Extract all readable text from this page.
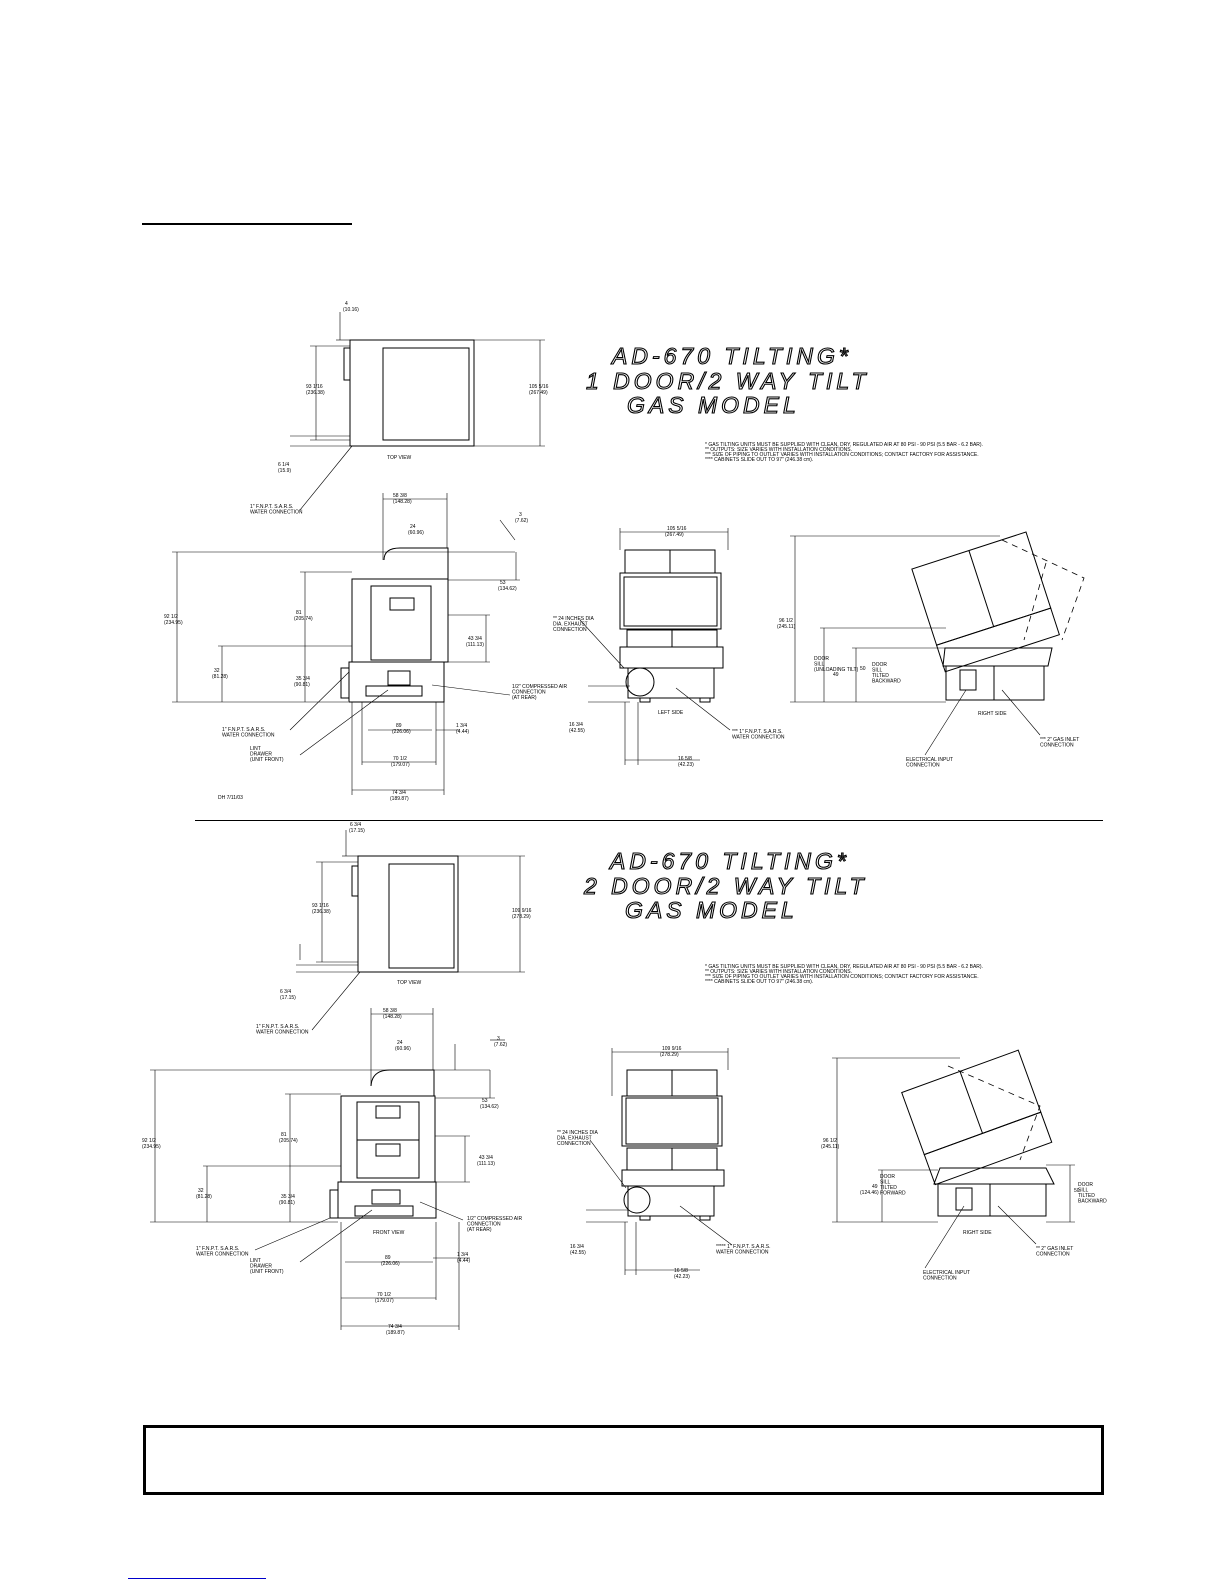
AD-670 TILTING*
1 DOOR/2 WAY TILT
GAS MODEL
* GAS TILTING UNITS MUST BE SUPPLIED WITH CLEAN, DRY, REGULATED AIR AT 80 PSI - 90 PSI (5.5 BAR - 6.2 BAR).
** OUTPUTS: SIZE VARIES WITH INSTALLATION CONDITIONS.
*** SIZE OF PIPING TO OUTLET VARIES WITH INSTALLATION CONDITIONS; CONTACT FACTORY FOR ASSISTANCE.
**** CABINETS SLIDE OUT TO 97" (246.38 cm).
4
(10.16)
93 1/16
(236.38)
105 5/16
(267.49)
6 1/4
(15.9)
TOP VIEW
1" F.N.P.T. S.A.R.S. WATER CONNECTION
58 3/8
(148.28)
24
(60.96)
3
(7.62)
92 1/2
(234.95)
81
(205.74)
53
(134.62)
43 3/4
(111.13)
32
(81.28)	35 3/4
(90.81)
89
(226.06)
1 3/4
(4.44)
70 1/2
(179.07)
74 3/4
(189.87)
1" F.N.P.T. S.A.R.S. WATER CONNECTION
LINT DRAWER (UNIT FRONT)
1/2" COMPRESSED AIR CONNECTION (AT REAR)
DH 7/11/03
105 5/16
(267.49)
** 24 INCHES DIA DIA. EXHAUST CONNECTION
16 3/4
(42.55)
16 5/8
(42.23)
LEFT SIDE
*** 1" F.N.P.T. S.A.R.S. WATER CONNECTION
96 1/2
(245.11)
DOOR SILL (UNLOADING TILT)
49
50
DOOR SILL TILTED BACKWARD
RIGHT SIDE
ELECTRICAL INPUT CONNECTION
*** 2" GAS INLET CONNECTION
AD-670 TILTING*
2 DOOR/2 WAY TILT
GAS MODEL
* GAS TILTING UNITS MUST BE SUPPLIED WITH CLEAN, DRY, REGULATED AIR AT 80 PSI - 90 PSI (5.5 BAR - 6.2 BAR).
** OUTPUTS: SIZE VARIES WITH INSTALLATION CONDITIONS.
*** SIZE OF PIPING TO OUTLET VARIES WITH INSTALLATION CONDITIONS; CONTACT FACTORY FOR ASSISTANCE.
**** CABINETS SLIDE OUT TO 97" (246.38 cm).
6 3/4
(17.15)
93 1/16
(236.38)	109 9/16
(278.29)
6 3/4
(17.15)
TOP VIEW
1" F.N.P.T. S.A.R.S. WATER CONNECTION
58 3/8
(148.28)
24
(60.96)
3
(7.62)
92 1/2
(234.95)
81
(205.74)
53
(134.62)
43 3/4
(111.13)
32
(81.28)	35 3/4
(90.81)
89
(226.06)
1 3/4
(4.44)
70 1/2
(179.07)
74 3/4
(189.87)
FRONT VIEW
1" F.N.P.T. S.A.R.S. WATER CONNECTION
LINT DRAWER (UNIT FRONT)
1/2" COMPRESSED AIR CONNECTION (AT REAR)
109 9/16
(278.29)
** 24 INCHES DIA DIA. EXHAUST CONNECTION
16 3/4
(42.55)
16 5/8
(42.23)
***** 1" F.N.P.T. S.A.R.S. WATER CONNECTION
96 1/2
(245.11)
49
(124.46)
DOOR SILL TILTED FORWARD	50
DOOR SILL TILTED BACKWARD
RIGHT SIDE
ELECTRICAL INPUT CONNECTION
** 2" GAS INLET CONNECTION
